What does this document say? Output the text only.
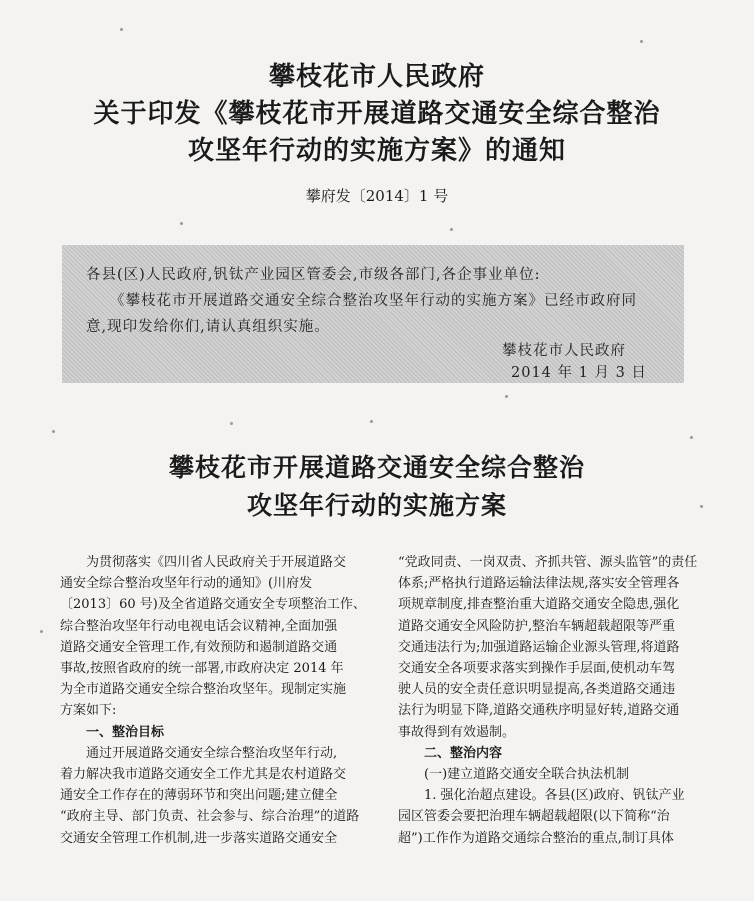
攀枝花市人民政府
关于印发《攀枝花市开展道路交通安全综合整治
攻坚年行动的实施方案》的通知
攀府发〔2014〕1 号
各县(区)人民政府,钒钛产业园区管委会,市级各部门,各企事业单位:
《攀枝花市开展道路交通安全综合整治攻坚年行动的实施方案》已经市政府同
意,现印发给你们,请认真组织实施。
攀枝花市人民政府
2014 年 1 月 3 日
攀枝花市开展道路交通安全综合整治
攻坚年行动的实施方案
为贯彻落实《四川省人民政府关于开展道路交
通安全综合整治攻坚年行动的通知》(川府发
〔2013〕60 号)及全省道路交通安全专项整治工作、
综合整治攻坚年行动电视电话会议精神,全面加强
道路交通安全管理工作,有效预防和遏制道路交通
事故,按照省政府的统一部署,市政府决定 2014 年
为全市道路交通安全综合整治攻坚年。现制定实施
方案如下:
一、整治目标
通过开展道路交通安全综合整治攻坚年行动,
着力解决我市道路交通安全工作尤其是农村道路交
通安全工作存在的薄弱环节和突出问题;建立健全
“政府主导、部门负责、社会参与、综合治理”的道路
交通安全管理工作机制,进一步落实道路交通安全
“党政同责、一岗双责、齐抓共管、源头监管”的责任
体系;严格执行道路运输法律法规,落实安全管理各
项规章制度,排查整治重大道路交通安全隐患,强化
道路交通安全风险防护,整治车辆超载超限等严重
交通违法行为;加强道路运输企业源头管理,将道路
交通安全各项要求落实到操作手层面,使机动车驾
驶人员的安全责任意识明显提高,各类道路交通违
法行为明显下降,道路交通秩序明显好转,道路交通
事故得到有效遏制。
二、整治内容
(一)建立道路交通安全联合执法机制
1. 强化治超点建设。各县(区)政府、钒钛产业
园区管委会要把治理车辆超载超限(以下简称“治
超”)工作作为道路交通综合整治的重点,制订具体
